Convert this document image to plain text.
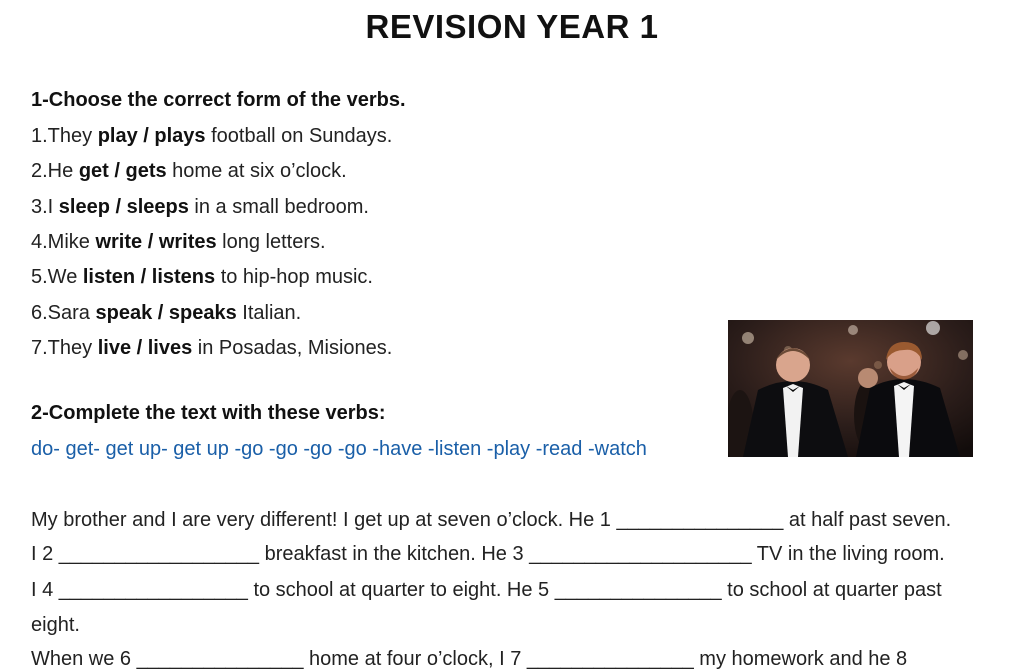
REVISION YEAR 1
1-Choose the correct form of the verbs.
1.They play / plays football on Sundays.
2.He get / gets home at six o’clock.
3.I sleep / sleeps in a small bedroom.
4.Mike write / writes long letters.
5.We listen / listens to hip-hop music.
6.Sara speak / speaks Italian.
7.They live / lives in Posadas, Misiones.
2-Complete the text with these verbs:
do- get- get up- get up -go -go -go -go -have -listen -play -read -watch
My brother and I are very different! I get up at seven o’clock. He 1 _______________ at half past seven.
I 2 __________________ breakfast in the kitchen. He 3 ____________________ TV in the living room.
I 4 _________________ to school at quarter to eight. He 5 _______________ to school at quarter past
eight.
When we 6 _______________ home at four o’clock, I 7 _______________ my homework and he 8
